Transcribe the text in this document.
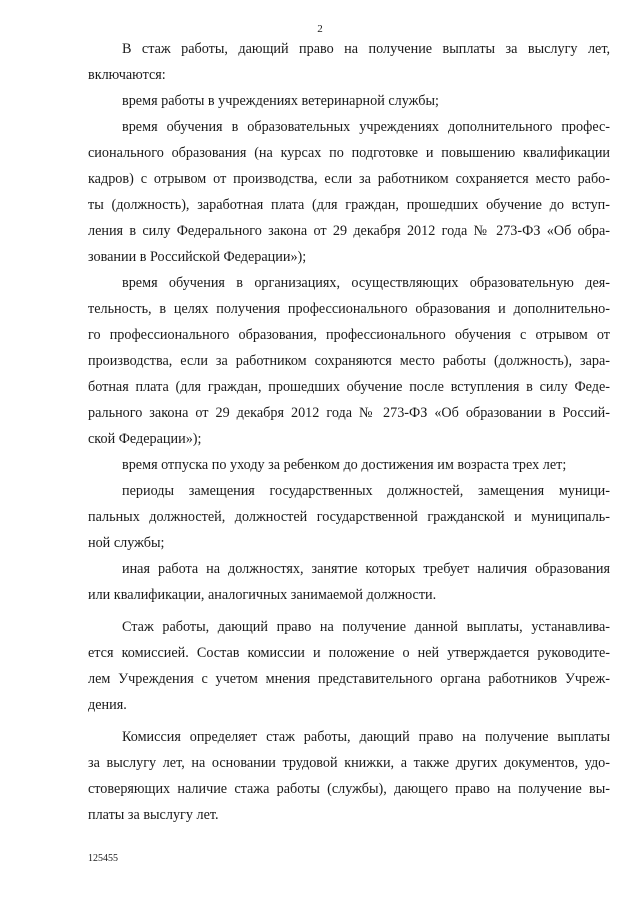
2
В стаж работы, дающий право на получение выплаты за выслугу лет,
включаются:
время работы в учреждениях ветеринарной службы;
время обучения в образовательных учреждениях дополнительного профес-
сионального образования (на курсах по подготовке и повышению квалификации
кадров) с отрывом от производства, если за работником сохраняется место рабо-
ты (должность), заработная плата (для граждан, прошедших обучение до вступ-
ления в силу Федерального закона от 29 декабря 2012 года № 273-ФЗ «Об обра-
зовании в Российской Федерации»);
время обучения в организациях, осуществляющих образовательную дея-
тельность, в целях получения профессионального образования и дополнительно-
го профессионального образования, профессионального обучения с отрывом от
производства, если за работником сохраняются место работы (должность), зара-
ботная плата (для граждан, прошедших обучение после вступления в силу Феде-
рального закона от 29 декабря 2012 года № 273-ФЗ «Об образовании в Россий-
ской Федерации»);
время отпуска по уходу за ребенком до достижения им возраста трех лет;
периоды замещения государственных должностей, замещения муници-
пальных должностей, должностей государственной гражданской и муниципаль-
ной службы;
иная работа на должностях, занятие которых требует наличия образования
или квалификации, аналогичных занимаемой должности.
Стаж работы, дающий право на получение данной выплаты, устанавлива-
ется комиссией. Состав комиссии и положение о ней утверждается руководите-
лем Учреждения с учетом мнения представительного органа работников Учреж-
дения.
Комиссия определяет стаж работы, дающий право на получение выплаты
за выслугу лет, на основании трудовой книжки, а также других документов, удо-
стоверяющих наличие стажа работы (службы), дающего право на получение вы-
платы за выслугу лет.
125455
